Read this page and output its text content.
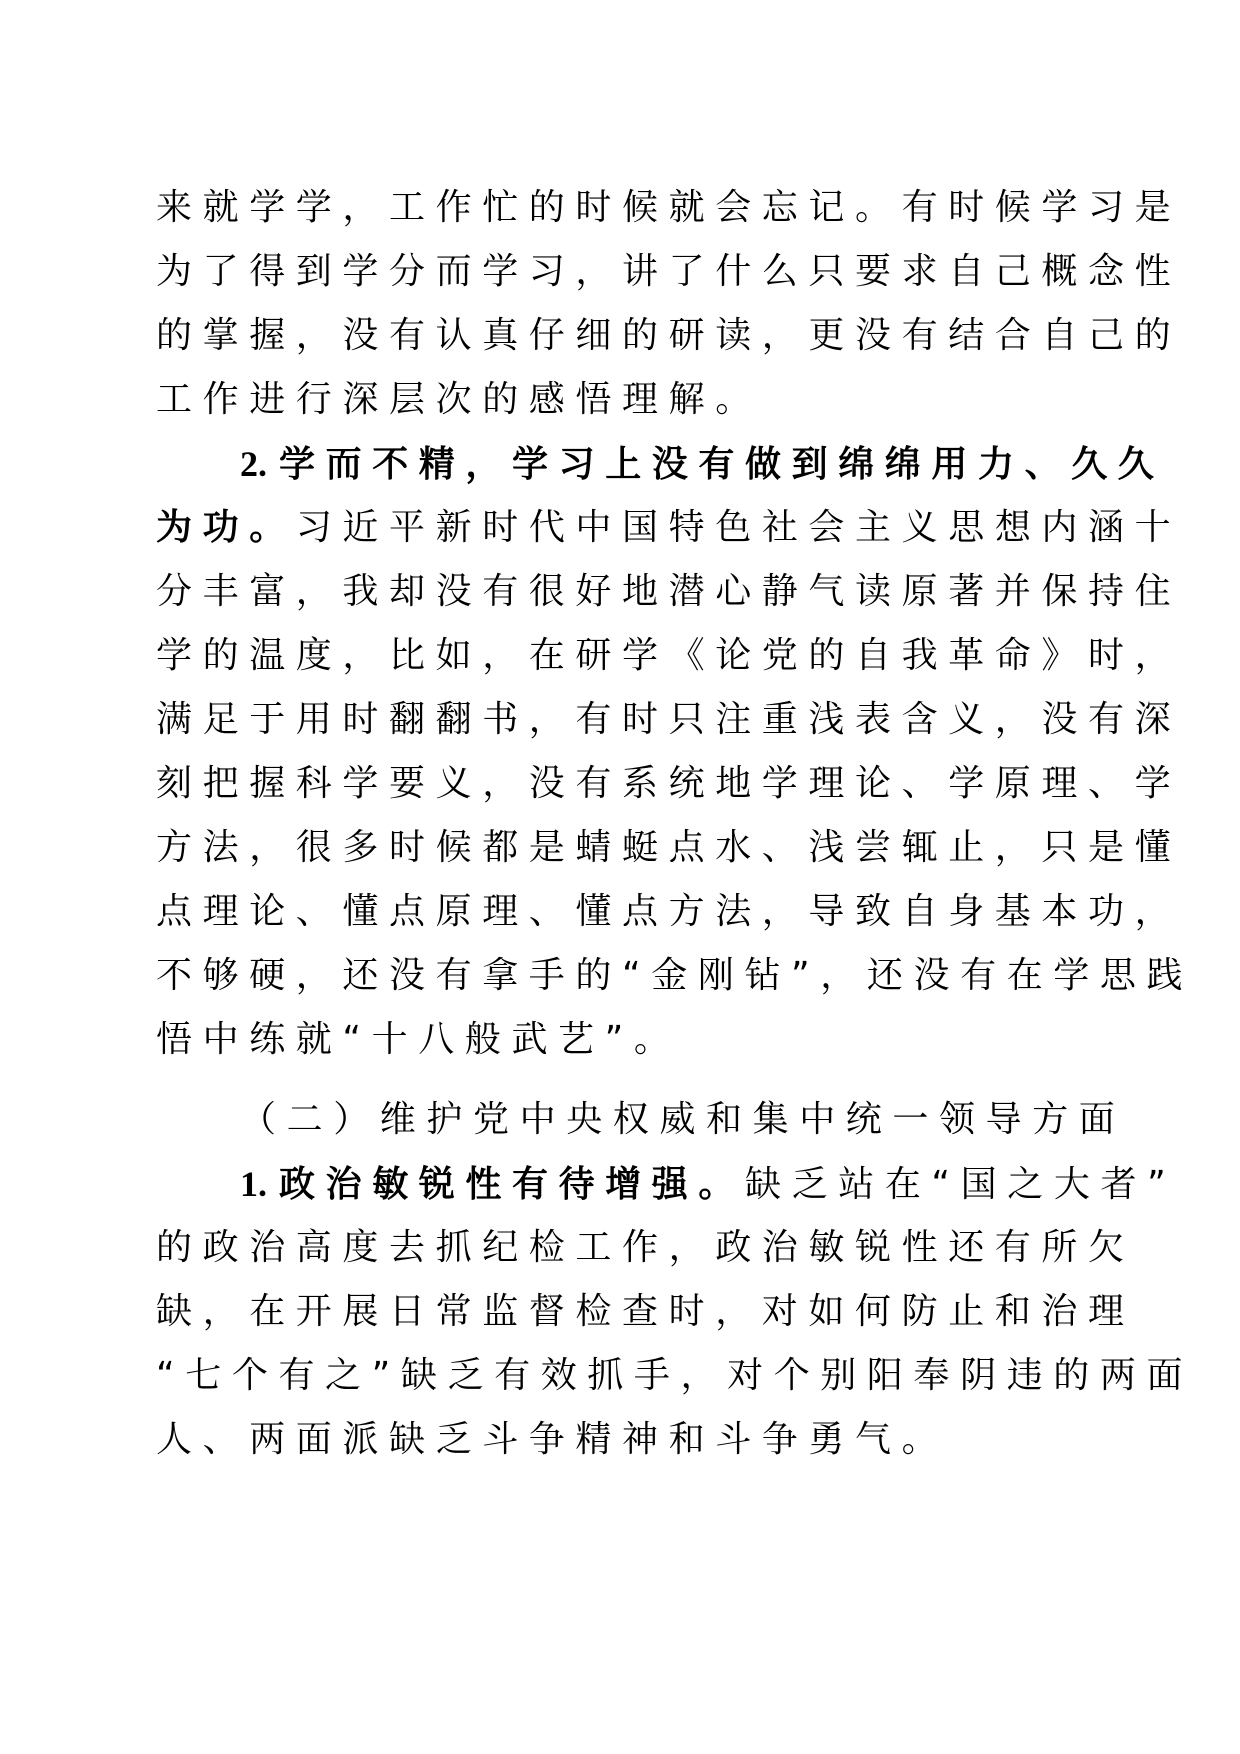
来就学学，工作忙的时候就会忘记。有时候学习是
为了得到学分而学习，讲了什么只要求自己概念性
的掌握，没有认真仔细的研读，更没有结合自己的
工作进行深层次的感悟理解。
2. 学而不精，学习上没有做到绵绵用力、久久
为功。习近平新时代中国特色社会主义思想内涵十
分丰富，我却没有很好地潜心静气读原著并保持住
学的温度，比如，在研学《论党的自我革命》时，
满足于用时翻翻书，有时只注重浅表含义，没有深
刻把握科学要义，没有系统地学理论、学原理、学
方法，很多时候都是蜻蜓点水、浅尝辄止，只是懂
点理论、懂点原理、懂点方法，导致自身基本功，
不够硬，还没有拿手的“金刚钻”，还没有在学思践
悟中练就“十八般武艺”。
（二）维护党中央权威和集中统一领导方面
1. 政治敏锐性有待增强。缺乏站在“国之大者”
的政治高度去抓纪检工作，政治敏锐性还有所欠
缺，在开展日常监督检查时，对如何防止和治理
“七个有之”缺乏有效抓手，对个别阳奉阴违的两面
人、两面派缺乏斗争精神和斗争勇气。
